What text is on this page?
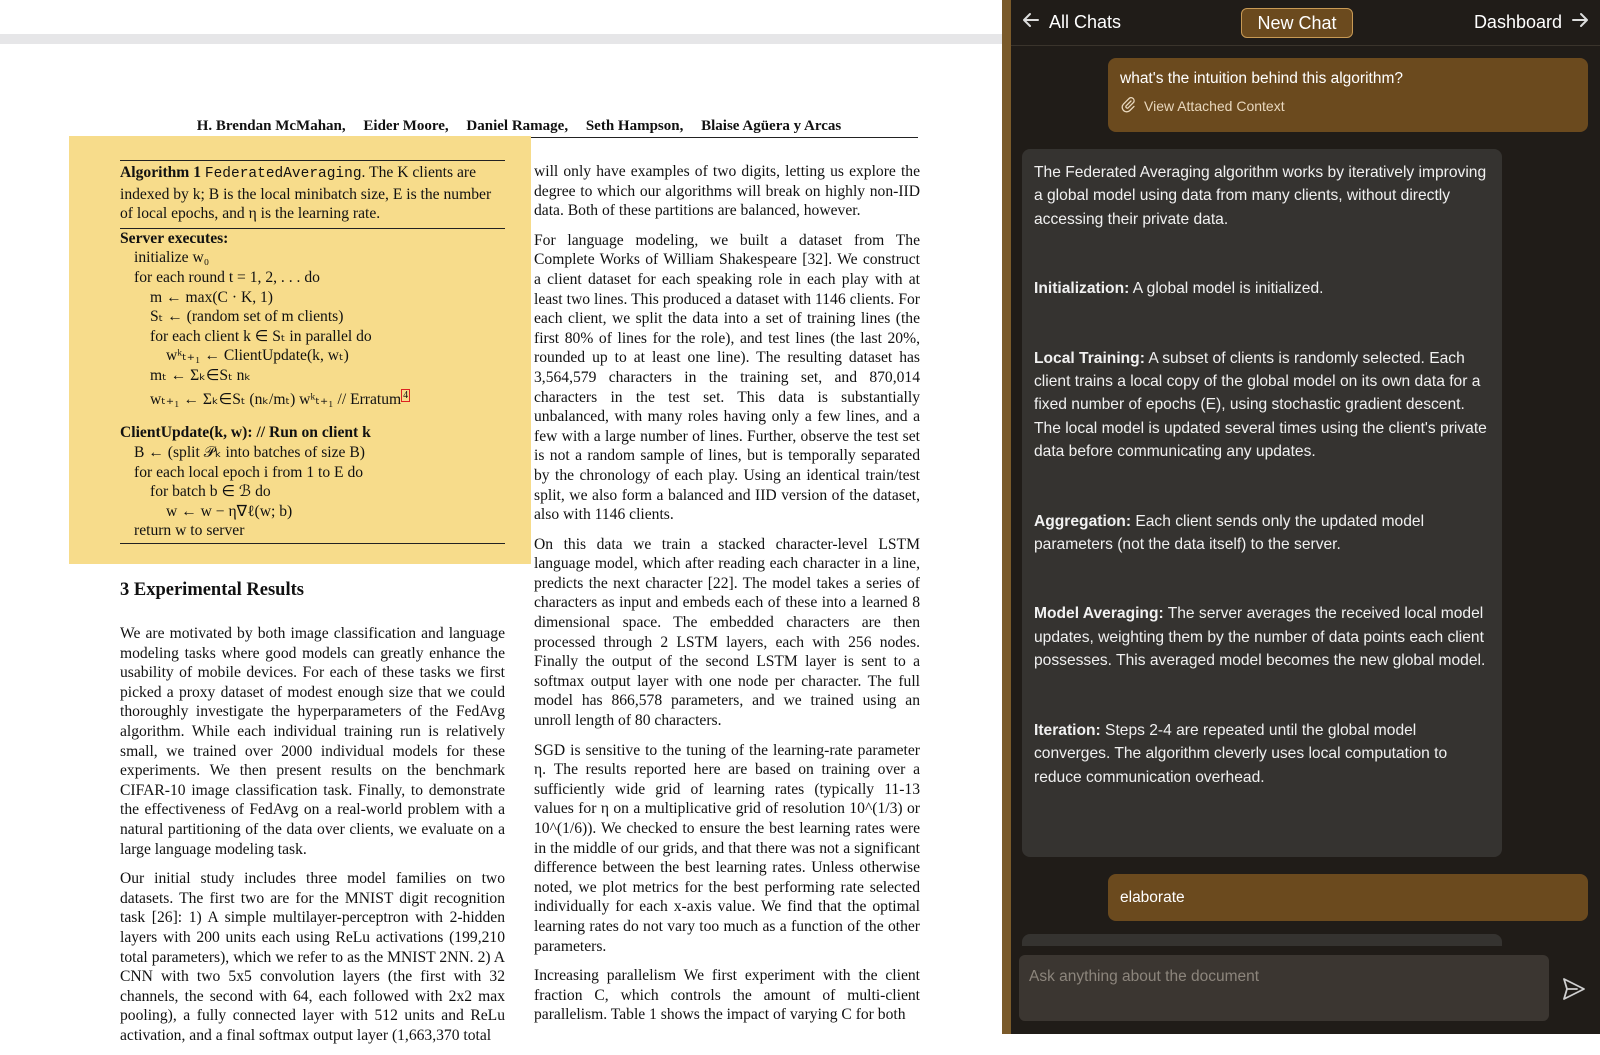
H. Brendan McMahan, Eider Moore, Daniel Ramage, Seth Hampson, Blaise Agüera y Arcas
Algorithm 1 FederatedAveraging. The K clients are indexed by k; B is the local minibatch size, E is the number of local epochs, and η is the learning rate.
Server executes:
initialize w₀
for each round t = 1, 2, . . . do
m ← max(C · K, 1)
Sₜ ← (random set of m clients)
for each client k ∈ Sₜ in parallel do
wᵏₜ₊₁ ← ClientUpdate(k, wₜ)
mₜ ← Σₖ∈Sₜ nₖ
wₜ₊₁ ← Σₖ∈Sₜ (nₖ/mₜ) wᵏₜ₊₁ // Erratum $^4$
ClientUpdate(k, w): // Run on client k
B ← (split 𝒫ₖ into batches of size B)
for each local epoch i from 1 to E do
for batch b ∈ ℬ do
w ← w − η∇ℓ(w; b)
return w to server
3 Experimental Results

We are motivated by both image classification and language modeling tasks where good models can greatly enhance the usability of mobile devices. For each of these tasks we first picked a proxy dataset of modest enough size that we could thoroughly investigate the hyperparameters of the FedAvg algorithm. While each individual training run is relatively small, we trained over 2000 individual models for these experiments. We then present results on the benchmark CIFAR-10 image classification task. Finally, to demonstrate the effectiveness of FedAvg on a real-world problem with a natural partitioning of the data over clients, we evaluate on a large language modeling task.

Our initial study includes three model families on two datasets. The first two are for the MNIST digit recognition task [26]: 1) A simple multilayer-perceptron with 2-hidden layers with 200 units each using ReLu activations (199,210 total parameters), which we refer to as the MNIST 2NN. 2) A CNN with two 5x5 convolution layers (the first with 32 channels, the second with 64, each followed with 2x2 max pooling), a fully connected layer with 512 units and ReLu activation, and a final softmax output layer (1,663,370 total

will only have examples of two digits, letting us explore the degree to which our algorithms will break on highly non-IID data. Both of these partitions are balanced, however.

For language modeling, we built a dataset from The Complete Works of William Shakespeare [32]. We construct a client dataset for each speaking role in each play with at least two lines. This produced a dataset with 1146 clients. For each client, we split the data into a set of training lines (the first 80% of lines for the role), and test lines (the last 20%, rounded up to at least one line). The resulting dataset has 3,564,579 characters in the training set, and 870,014 characters in the test set. This data is substantially unbalanced, with many roles having only a few lines, and a few with a large number of lines. Further, observe the test set is not a random sample of lines, but is temporally separated by the chronology of each play. Using an identical train/test split, we also form a balanced and IID version of the dataset, also with 1146 clients.

On this data we train a stacked character-level LSTM language model, which after reading each character in a line, predicts the next character [22]. The model takes a series of characters as input and embeds each of these into a learned 8 dimensional space. The embedded characters are then processed through 2 LSTM layers, each with 256 nodes. Finally the output of the second LSTM layer is sent to a softmax output layer with one node per character. The full model has 866,578 parameters, and we trained using an unroll length of 80 characters.

SGD is sensitive to the tuning of the learning-rate parameter η. The results reported here are based on training over a sufficiently wide grid of learning rates (typically 11-13 values for η on a multiplicative grid of resolution 10^(1/3) or 10^(1/6)). We checked to ensure the best learning rates were in the middle of our grids, and that there was not a significant difference between the best learning rates. Unless otherwise noted, we plot metrics for the best performing rate selected individually for each x-axis value. We find that the optimal learning rates do not vary too much as a function of the other parameters.

Increasing parallelism We first experiment with the client fraction C, which controls the amount of multi-client parallelism. Table 1 shows the impact of varying C for both

All Chats	New Chat	Dashboard
what's the intuition behind this algorithm?
View Attached Context

The Federated Averaging algorithm works by iteratively improving a global model using data from many clients, without directly accessing their private data.

Initialization: A global model is initialized.

Local Training: A subset of clients is randomly selected. Each client trains a local copy of the global model on its own data for a fixed number of epochs (E), using stochastic gradient descent. The local model is updated several times using the client's private data before communicating any updates.

Aggregation: Each client sends only the updated model parameters (not the data itself) to the server.

Model Averaging: The server averages the received local model updates, weighting them by the number of data points each client possesses. This averaged model becomes the new global model.

Iteration: Steps 2-4 are repeated until the global model converges. The algorithm cleverly uses local computation to reduce communication overhead.

elaborate
Ask anything about the document
